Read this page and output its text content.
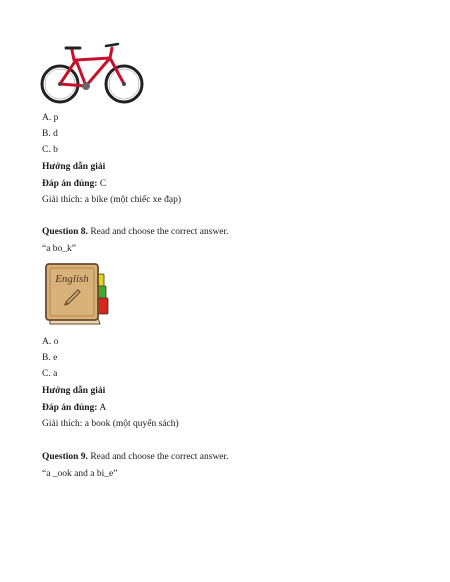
A. p
B. d
C. b
Hướng dẫn giải
Đáp án đúng: C
Giải thích: a bike (một chiếc xe đạp)
Question 8. Read and choose the correct answer.
“a bo_k”
English
A. o
B. e
C. a
Hướng dẫn giải
Đáp án đúng: A
Giải thích: a book (một quyển sách)
Question 9. Read and choose the correct answer.
“a _ook and a bi_e”
